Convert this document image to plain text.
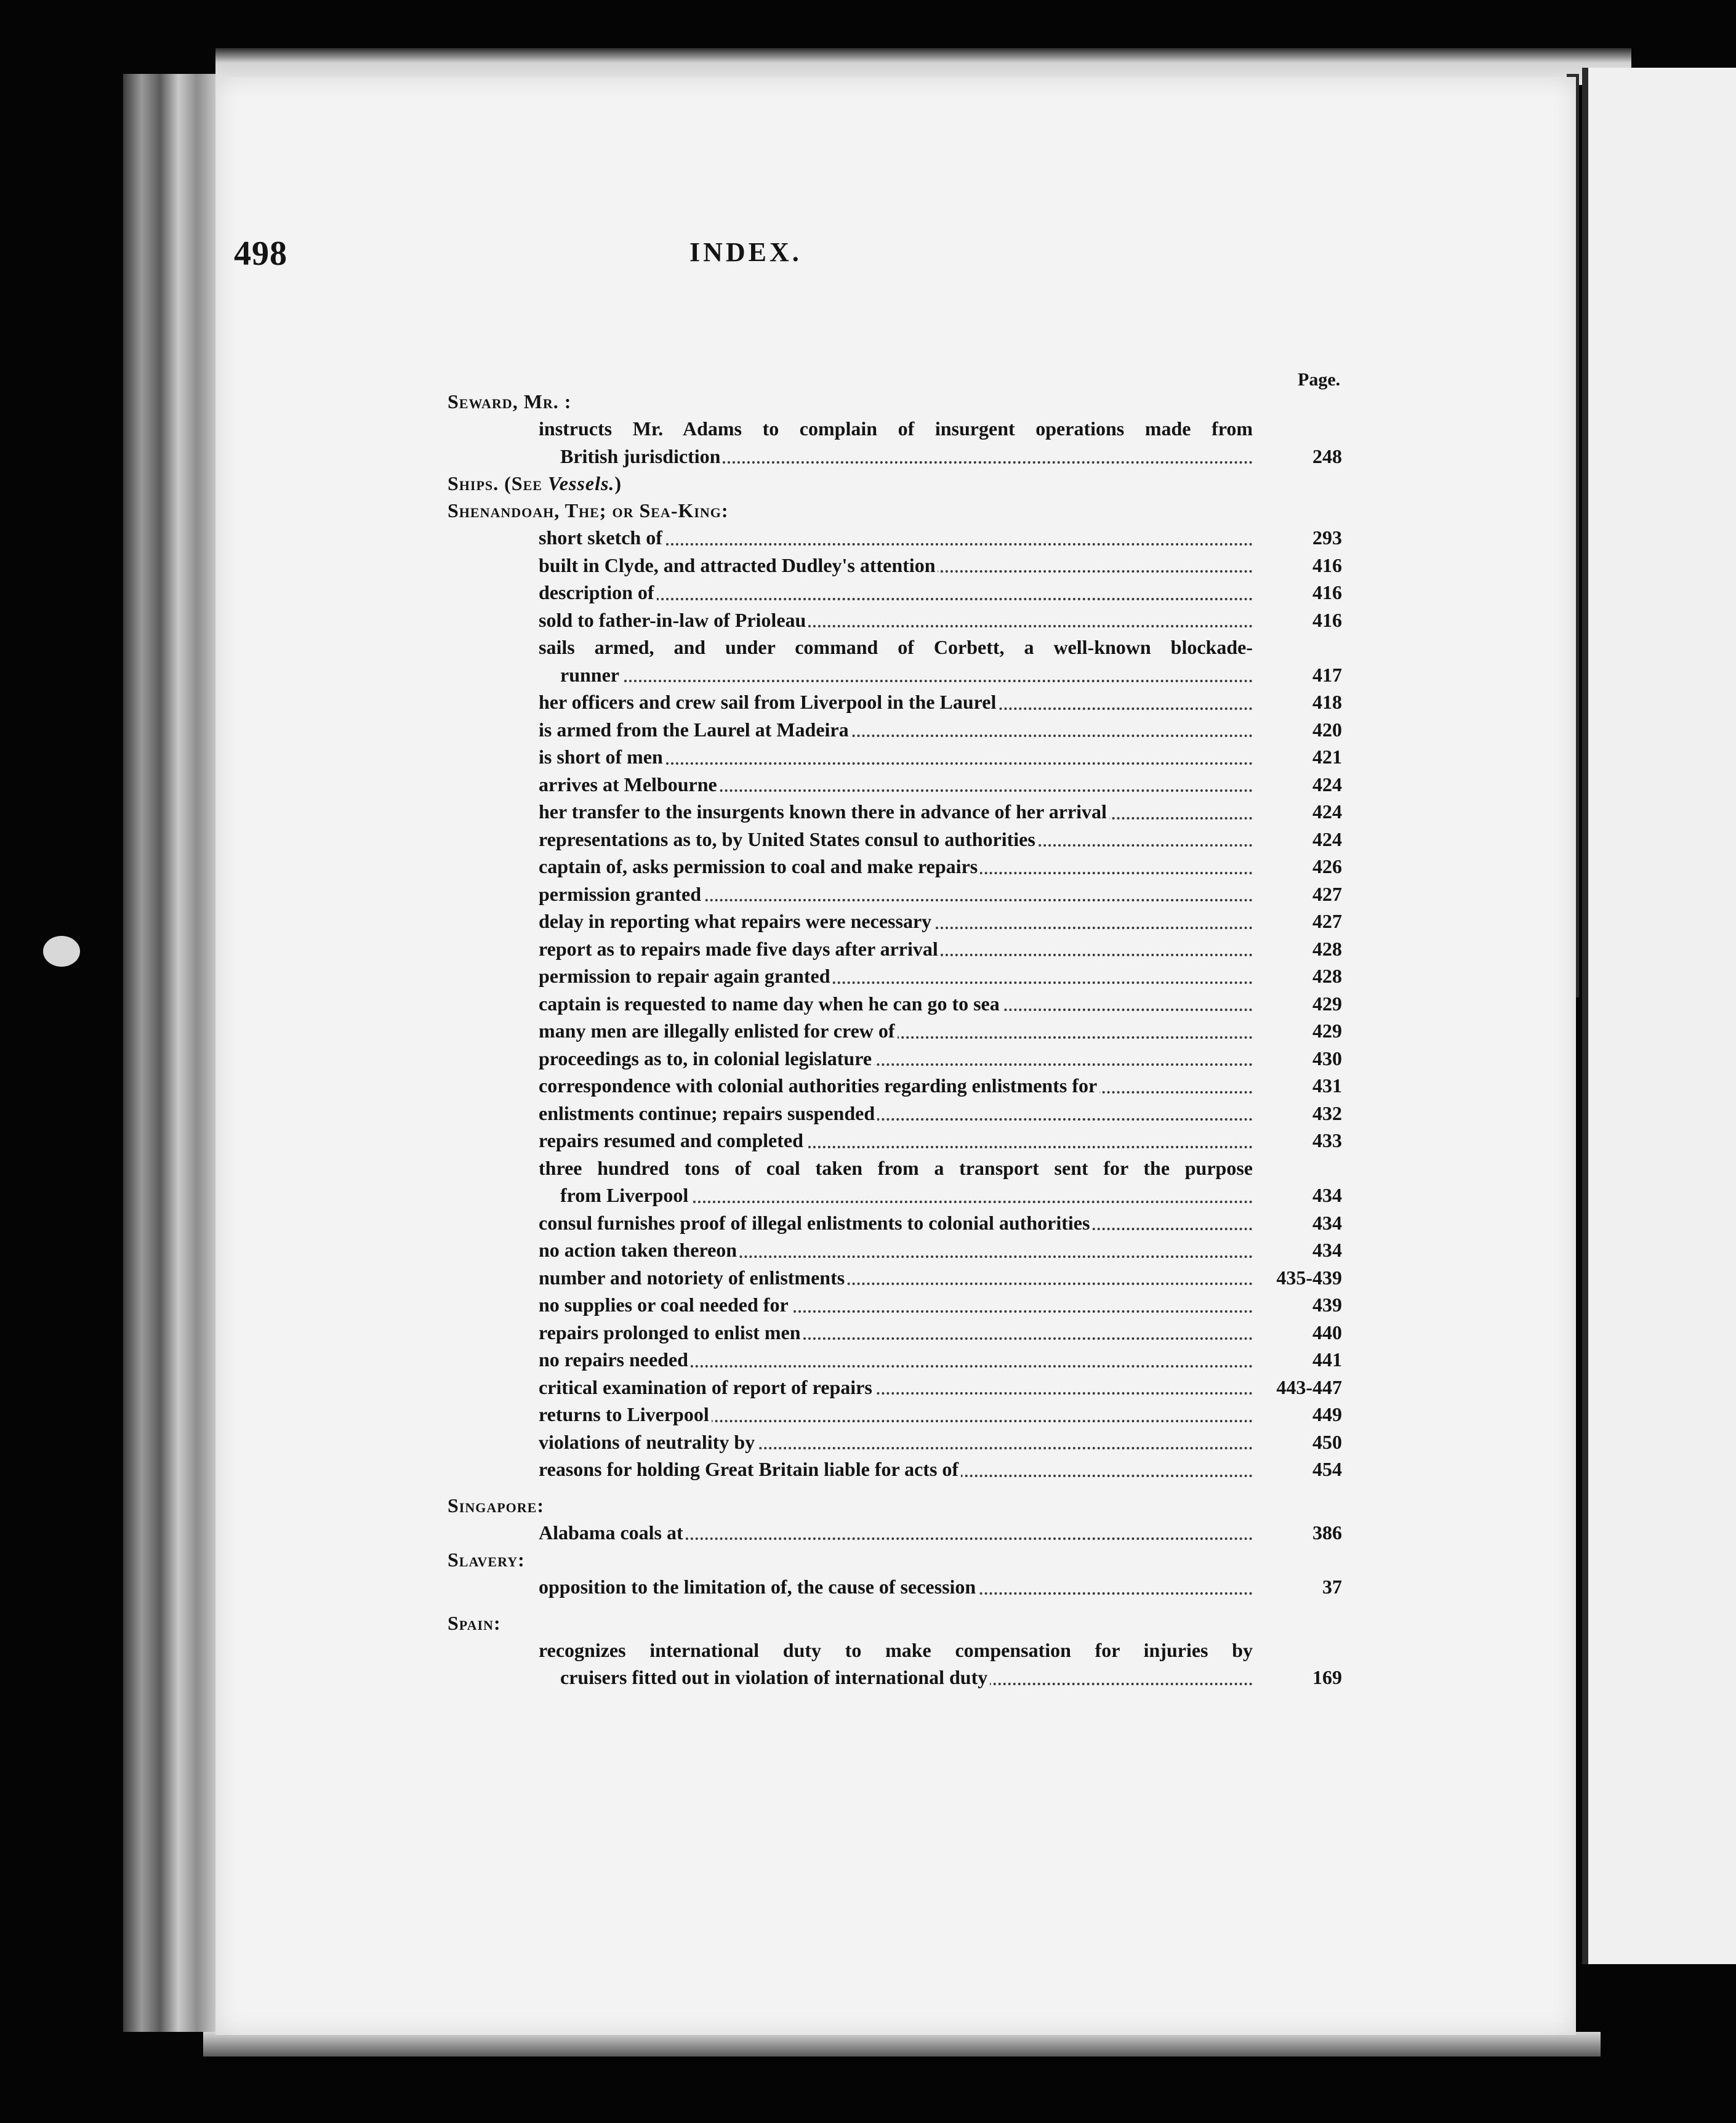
498	INDEX.
Page.
Seward, Mr. :
instructs Mr. Adams to complain of insurgent operations made from
British jurisdiction	248
Ships. (See Vessels.)
Shenandoah, The; or Sea-King:
short sketch of	293
built in Clyde, and attracted Dudley's attention	416
description of	416
sold to father-in-law of Prioleau	416
sails armed, and under command of Corbett, a well-known blockade-
runner	417
her officers and crew sail from Liverpool in the Laurel	418
is armed from the Laurel at Madeira	420
is short of men	421
arrives at Melbourne	424
her transfer to the insurgents known there in advance of her arrival	424
representations as to, by United States consul to authorities	424
captain of, asks permission to coal and make repairs	426
permission granted	427
delay in reporting what repairs were necessary	427
report as to repairs made five days after arrival	428
permission to repair again granted	428
captain is requested to name day when he can go to sea	429
many men are illegally enlisted for crew of	429
proceedings as to, in colonial legislature	430
correspondence with colonial authorities regarding enlistments for	431
enlistments continue; repairs suspended	432
repairs resumed and completed	433
three hundred tons of coal taken from a transport sent for the purpose
from Liverpool	434
consul furnishes proof of illegal enlistments to colonial authorities	434
no action taken thereon	434
number and notoriety of enlistments	435-439
no supplies or coal needed for	439
repairs prolonged to enlist men	440
no repairs needed	441
critical examination of report of repairs	443-447
returns to Liverpool	449
violations of neutrality by	450
reasons for holding Great Britain liable for acts of	454
Singapore:
Alabama coals at	386
Slavery:
opposition to the limitation of, the cause of secession	37
Spain:
recognizes international duty to make compensation for injuries by
cruisers fitted out in violation of international duty	169
